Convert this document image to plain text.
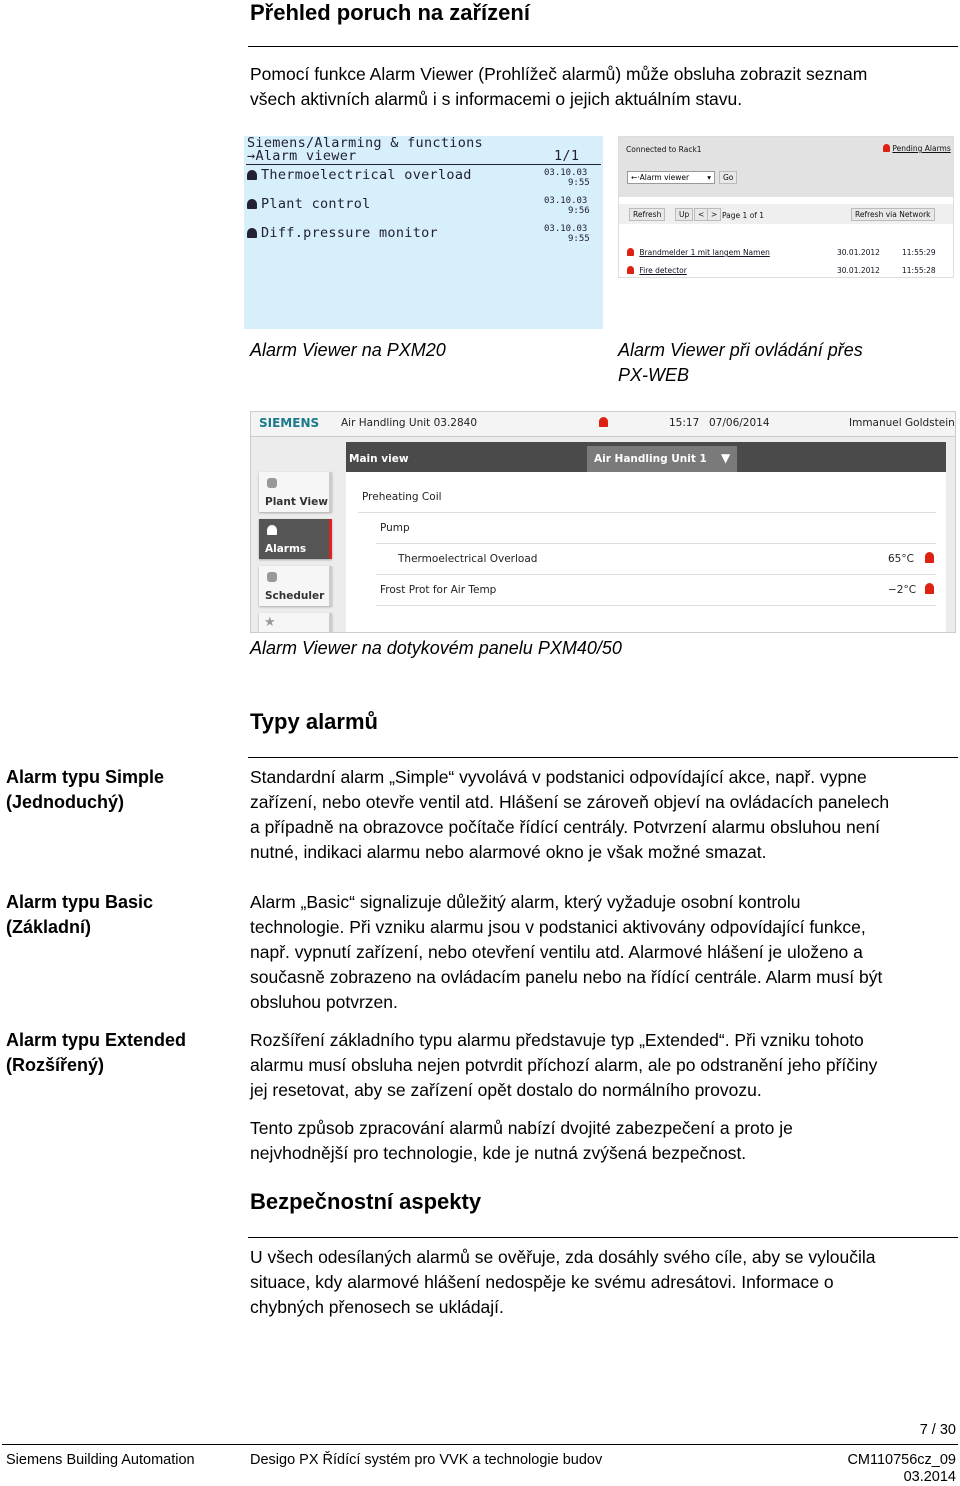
Přehled poruch na zařízení
Pomocí funkce Alarm Viewer (Prohlížeč alarmů) může obsluha zobrazit seznam
všech aktivních alarmů i s informacemi o jejich aktuálním stavu.
Siemens/Alarming & functions
→Alarm viewer	1/1
Thermoelectrical overload	03.10.03
9:55
Plant control	03.10.03
9:56
Diff.pressure monitor	03.10.03
9:55
Connected to Rack1	Pending Alarms
←·Alarm viewer ▾	Go
Refresh	Up	< > Page 1 of 1	Refresh via Network
Brandmelder 1 mit langem Namen	30.01.2012	11:55:29
Fire detector	30.01.2012	11:55:28
Alarm Viewer na PXM20	Alarm Viewer při ovládání přes
PX-WEB
SIEMENS Air Handling Unit 03.2840	15:17 07/06/2014	Immanuel Goldstein
Main view	Air Handling Unit 1 ▼
Plant View
Alarms
Scheduler
★
Preheating Coil
Pump
Thermoelectrical Overload	65°C
Frost Prot for Air Temp	−2°C
Alarm Viewer na dotykovém panelu PXM40/50
Typy alarmů
Alarm typu Simple
(Jednoduchý)
Standardní alarm „Simple“ vyvolává v podstanici odpovídající akce, např. vypne
zařízení, nebo otevře ventil atd. Hlášení se zároveň objeví na ovládacích panelech
a případně na obrazovce počítače řídící centrály. Potvrzení alarmu obsluhou není
nutné, indikaci alarmu nebo alarmové okno je však možné smazat.
Alarm typu Basic
(Základní)
Alarm „Basic“ signalizuje důležitý alarm, který vyžaduje osobní kontrolu
technologie. Při vzniku alarmu jsou v podstanici aktivovány odpovídající funkce,
např. vypnutí zařízení, nebo otevření ventilu atd. Alarmové hlášení je uloženo a
současně zobrazeno na ovládacím panelu nebo na řídící centrále. Alarm musí být
obsluhou potvrzen.
Alarm typu Extended
(Rozšířený)
Rozšíření základního typu alarmu představuje typ „Extended“. Při vzniku tohoto
alarmu musí obsluha nejen potvrdit příchozí alarm, ale po odstranění jeho příčiny
jej resetovat, aby se zařízení opět dostalo do normálního provozu.
Tento způsob zpracování alarmů nabízí dvojité zabezpečení a proto je
nejvhodnější pro technologie, kde je nutná zvýšená bezpečnost.
Bezpečnostní aspekty
U všech odesílaných alarmů se ověřuje, zda dosáhly svého cíle, aby se vyloučila
situace, kdy alarmové hlášení nedospěje ke svému adresátovi. Informace o
chybných přenosech se ukládají.
7 / 30
Siemens Building Automation	Desigo PX Řídící systém pro VVK a technologie budov	CM110756cz_09
03.2014
